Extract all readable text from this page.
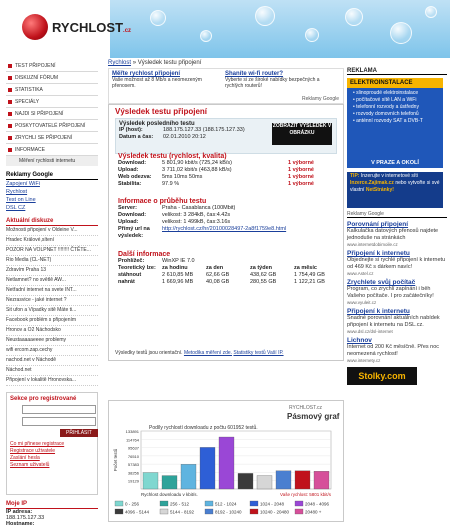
RYCHLOST.cz
TEST PŘIPOJENÍ
DISKUZNÍ FÓRUM
STATISTIKA
SPECIÁLY
NAJDI SI PŘIPOJENÍ
POSKYTOVATELÉ PŘIPOJENÍ
ZRYCHLI SE PŘIPOJENÍ
INFORMACE
Měření rychlosti internetu
Reklamy Google
Zapojení WiFi
Rychlost
Test on Line
DSL CZ
Aktuální diskuze
Možnosti připojení v Oldeine V...
Hradec Králové,sítení
POZOR NA VOLPNET !!!!!!!! ČTĚTE...
Rio Media (CL-NET)
Zdravím Praha 13
Netlamnet? no světlě AW...
Netřadní internet na svete INT...
Nezrasvice - jaké internet ?
Sit ufon a Vípadky sitě Máte ti...
Facebook problém s připojením
Hronov a O2 Náchodsko
Neustaaaaaeeee problemy
wifi ercom.zap.cechy
nachod.net v Náchodě
Náchod.net
Připojení v lokalitě Hronovska...
Sekce pro registrované
PŘIHLÁSIT
Co mi přinese registrace
Registrace uživatele
Zaslání hesla
Seznam uživatelů
Moje IP
IP adresa:
188.175.127.33
Hostname:
Rychlost » Výsledek testu připojení
Měřte rychlost připojení
Vaše možnost až 8 Mb/s a neomezeným přenosem.
Shaníte wi-fi router?
Vyberte si ze široké nabídky bezpečných a rychlých routerů!
Reklamy Google
Výsledek testu připojení
Výsledek posledního testu
IP (host):	188.175.127.33 (188.175.127.33)
Datum a čas:	02.01.2010 20:12
ZOBRAZIT VÝSLEDEK V OBRÁZKU
Výsledek testu (rychlost, kvalita)
Download:	5 801,90 kbit/s (725,24 kB/s)	1 výborné
Upload:	3 711,02 kbit/s (463,88 kB/s)	1 výborné
Web odezva:	5ms 10ms 50ms	1 výborné
Stabilita:	97.9 %	1 výborné
Informace o průběhu testu
Server:	Praha - Casablanca (100Mbit)
Download:	velikost: 3 284kB, čas:4.42s
Upload:	velikost: 1 499kB, čas:3.16s
Přímý url na výsledek:
http://rychlost.cz/hr/20100028497-2a8f1759e8.html
Další informace
Prohlížeč:	WinXP IE 7.0
Teoretický lze:	za hodinu	za den	za týden	za měsíc
stáhnout	2 610,85 MB	62,66 GB	438,62 GB	1 754,49 GB
nahrát	1 669,96 MB	40,08 GB	280,55 GB	1 122,21 GB
Výsledky testů jsou orientační. Metodika měření zde. Statistiky testů Vaší IP.
RYCHLOST.cz
Pásmový graf
Podíly rychlostí downloadu z počtu 601952 testů.
133891
114764
95637
76510
57383
38256
19129
Počet testů
Rychlost downloadu v kbit/s.	Vaše rychlost: 5801 kbit/s
0 - 256	256 - 512	512 - 1024	1024 - 2048	2048 - 4096
4096 - 5144	5144 - 8192	8192 - 10240	10240 - 20480	20480 +
REKLAMA
ELEKTROINSTALACE
• slinoproudé elektroinstalace
• počítačové sítě LAN a WiFi
• telefonní rozvody a ústředny
• rozvody domovních telefonů
• anténní rozvody SAT a DVB-T
V PRAZE A OKOLÍ
TIP: Inzerujte v internetové síti Inzerce.Zajimak.cz nebo vytvořte si své vlastní NetStránky!
Reklamy Google
Porovnání připojení
Kalkulačka datových přenosů najdete jednoduše na stránkách
www.internetdobimoile.cz
Připojení k internetu
Objednejte si rychlé připojení k internetu od 469 Kč s dárkem navíc!
www.Astel.cz
Zrychlete svůj počítač
Program, co zrychlí zapínání i běh Vašeho počítače. I pro začátečníky!
www.vyuleit.cz
Připojení k internetu
Snadné porovnání aktuálních nabídek připojení k internetu na DSL.cz.
www.dsl.cz/dsl-internet
Lichnov
Internet od 200 Kč měsíčně. Přes noc neomezená rychlost!
www.internety.cz
Stolky.com
